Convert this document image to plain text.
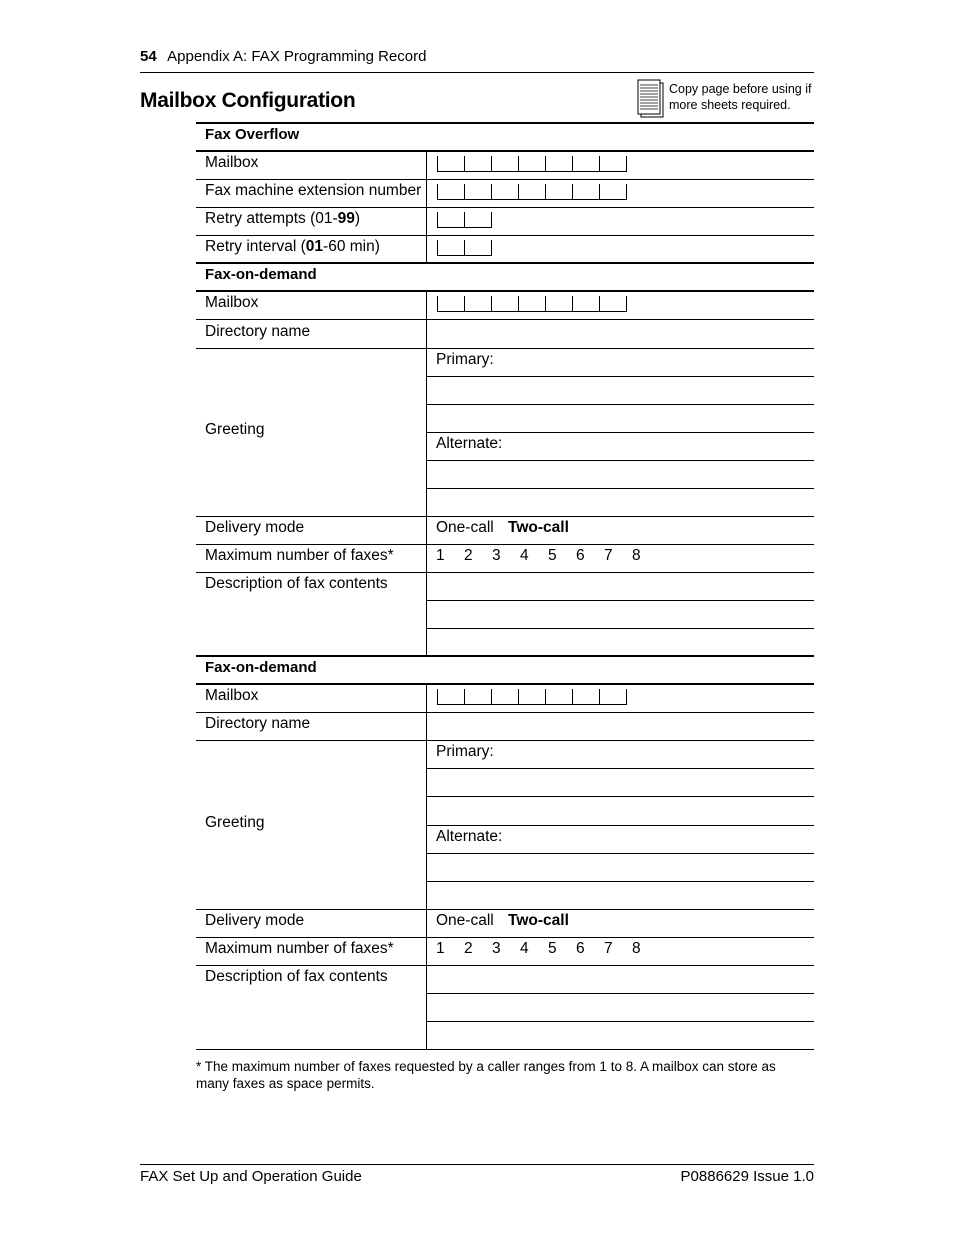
54 Appendix A: FAX Programming Record
Mailbox Configuration	Copy page before using if
more sheets required.
Fax Overflow
Mailbox
Fax machine extension number
Retry attempts (01-99)
Retry interval (01-60 min)
Fax-on-demand
Mailbox
Directory name
Greeting
Primary:
Alternate:
Delivery mode	One-call Two-call
Maximum number of faxes*	1	2	3	4	5	6	7	8
Description of fax contents
Fax-on-demand
Mailbox
Directory name
Greeting
Primary:
Alternate:
Delivery mode	One-call Two-call
Maximum number of faxes*	1	2	3	4	5	6	7	8
Description of fax contents
* The maximum number of faxes requested by a caller ranges from 1 to 8. A mailbox can store as
many faxes as space permits.
FAX Set Up and Operation Guide	P0886629 Issue 1.0
